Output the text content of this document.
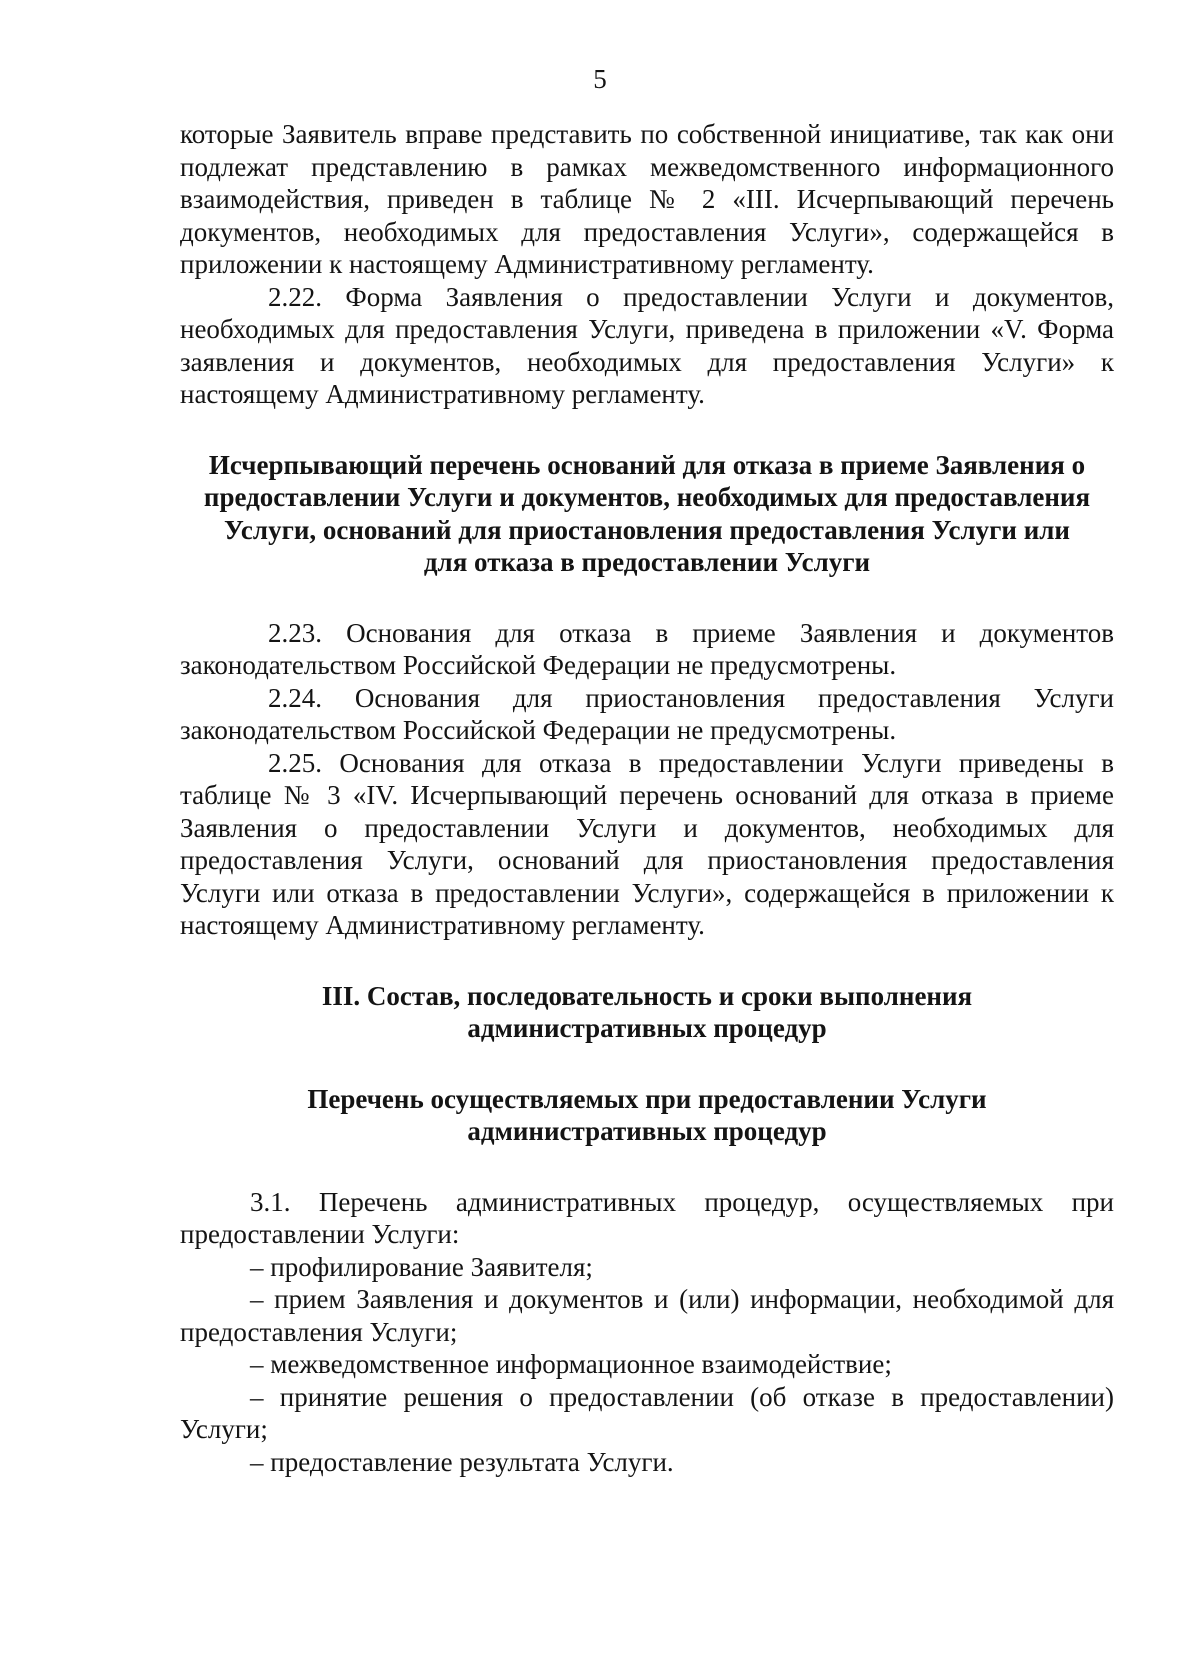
5

которые Заявитель вправе представить по собственной инициативе, так как они подлежат представлению в рамках межведомственного информационного взаимодействия, приведен в таблице № 2 «III. Исчерпывающий перечень документов, необходимых для предоставления Услуги», содержащейся в приложении к настоящему Административному регламенту.

2.22. Форма Заявления о предоставлении Услуги и документов, необходимых для предоставления Услуги, приведена в приложении «V. Форма заявления и документов, необходимых для предоставления Услуги» к настоящему Административному регламенту.

Исчерпывающий перечень оснований для отказа в приеме Заявления о
предоставлении Услуги и документов, необходимых для предоставления
Услуги, оснований для приостановления предоставления Услуги или
для отказа в предоставлении Услуги

2.23. Основания для отказа в приеме Заявления и документов законодательством Российской Федерации не предусмотрены.

2.24. Основания для приостановления предоставления Услуги законодательством Российской Федерации не предусмотрены.

2.25. Основания для отказа в предоставлении Услуги приведены в таблице № 3 «IV. Исчерпывающий перечень оснований для отказа в приеме Заявления о предоставлении Услуги и документов, необходимых для предоставления Услуги, оснований для приостановления предоставления Услуги или отказа в предоставлении Услуги», содержащейся в приложении к настоящему Административному регламенту.

III. Состав, последовательность и сроки выполнения
административных процедур
Перечень осуществляемых при предоставлении Услуги
административных процедур

3.1. Перечень административных процедур, осуществляемых при предоставлении Услуги:

– профилирование Заявителя;

– прием Заявления и документов и (или) информации, необходимой для предоставления Услуги;

– межведомственное информационное взаимодействие;

– принятие решения о предоставлении (об отказе в предоставлении) Услуги;

– предоставление результата Услуги.
